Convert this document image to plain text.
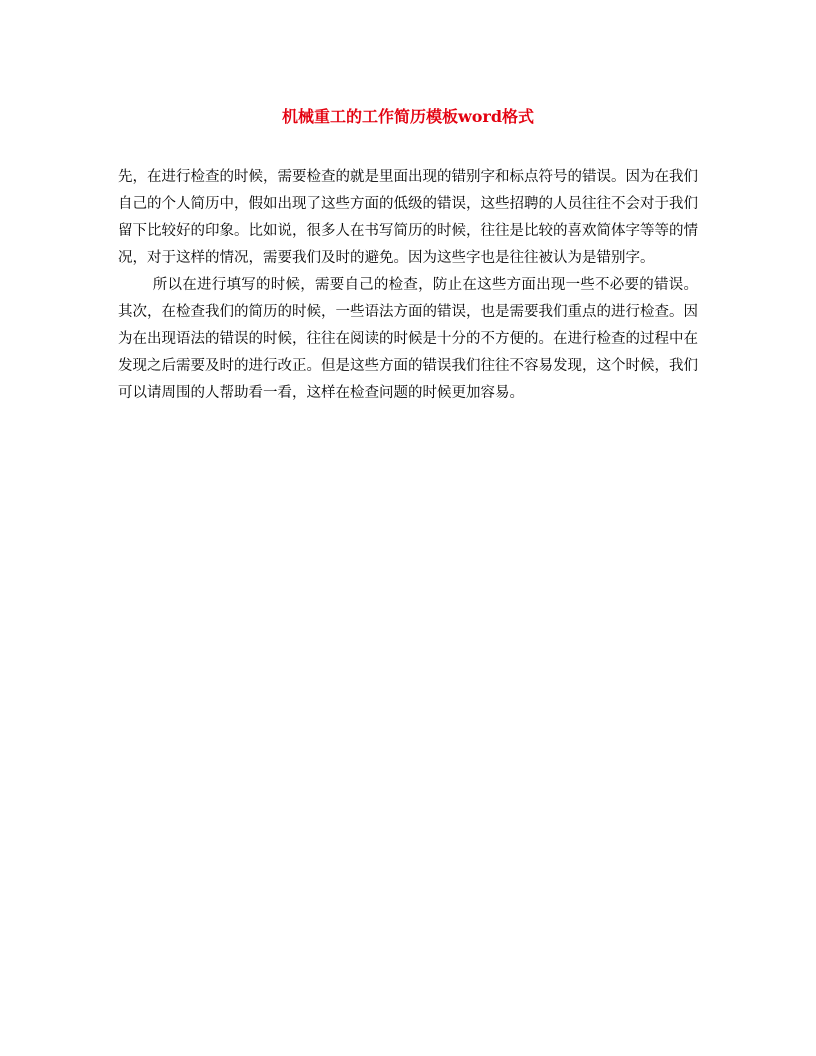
机械重工的工作简历模板word格式

先，在进行检查的时候，需要检查的就是里面出现的错别字和标点符号的错误。因为在我们自己的个人简历中，假如出现了这些方面的低级的错误，这些招聘的人员往往不会对于我们留下比较好的印象。比如说，很多人在书写简历的时候，往往是比较的喜欢简体字等等的情况，对于这样的情况，需要我们及时的避免。因为这些字也是往往被认为是错别字。

所以在进行填写的时候，需要自己的检查，防止在这些方面出现一些不必要的错误。其次，在检查我们的简历的时候，一些语法方面的错误，也是需要我们重点的进行检查。因为在出现语法的错误的时候，往往在阅读的时候是十分的不方便的。在进行检查的过程中在发现之后需要及时的进行改正。但是这些方面的错误我们往往不容易发现，这个时候，我们可以请周围的人帮助看一看，这样在检查问题的时候更加容易。
